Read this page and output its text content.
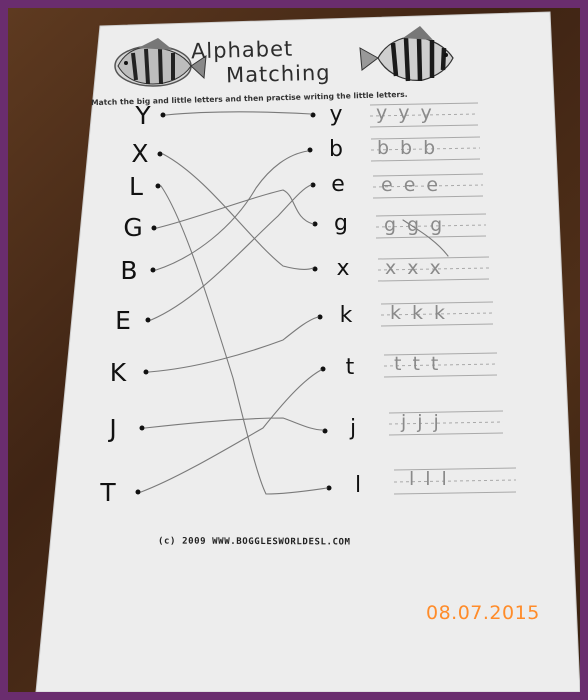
Alphabet
Matching
Match the big and little letters and then practise writing the little letters.
Y
X
L
G
B
E
K
J
T
y
b
e
g
x
k
t
j
l
yyy
bbb
eee
ggg
xxx
kkk
ttt
jjj
lll
(c) 2009 WWW.BOGGLESWORLDESL.COM
08.07.2015
